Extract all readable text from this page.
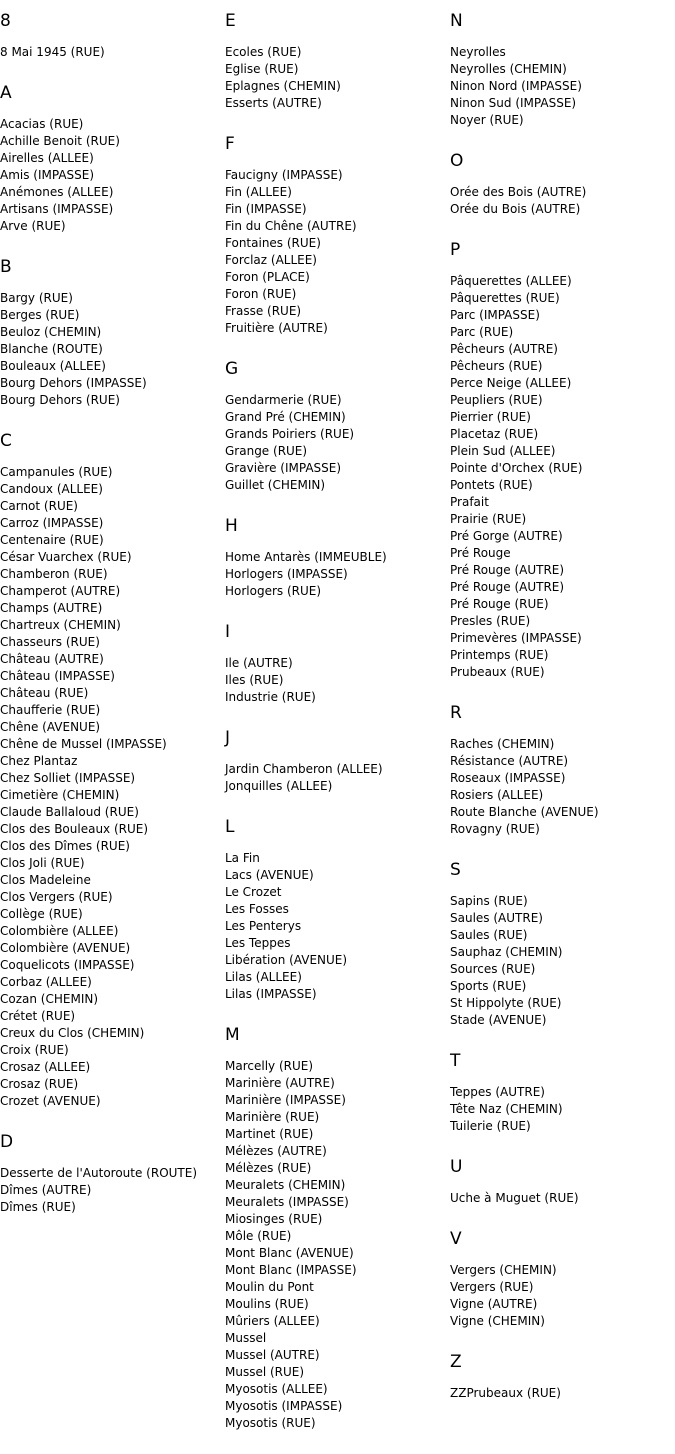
8
8 Mai 1945 (RUE)
A
Acacias (RUE)
Achille Benoit (RUE)
Airelles (ALLEE)
Amis (IMPASSE)
Anémones (ALLEE)
Artisans (IMPASSE)
Arve (RUE)
B
Bargy (RUE)
Berges (RUE)
Beuloz (CHEMIN)
Blanche (ROUTE)
Bouleaux (ALLEE)
Bourg Dehors (IMPASSE)
Bourg Dehors (RUE)
C
Campanules (RUE)
Candoux (ALLEE)
Carnot (RUE)
Carroz (IMPASSE)
Centenaire (RUE)
César Vuarchex (RUE)
Chamberon (RUE)
Champerot (AUTRE)
Champs (AUTRE)
Chartreux (CHEMIN)
Chasseurs (RUE)
Château (AUTRE)
Château (IMPASSE)
Château (RUE)
Chaufferie (RUE)
Chêne (AVENUE)
Chêne de Mussel (IMPASSE)
Chez Plantaz
Chez Solliet (IMPASSE)
Cimetière (CHEMIN)
Claude Ballaloud (RUE)
Clos des Bouleaux (RUE)
Clos des Dîmes (RUE)
Clos Joli (RUE)
Clos Madeleine
Clos Vergers (RUE)
Collège (RUE)
Colombière (ALLEE)
Colombière (AVENUE)
Coquelicots (IMPASSE)
Corbaz (ALLEE)
Cozan (CHEMIN)
Crétet (RUE)
Creux du Clos (CHEMIN)
Croix (RUE)
Crosaz (ALLEE)
Crosaz (RUE)
Crozet (AVENUE)
D
Desserte de l'Autoroute (ROUTE)
Dîmes (AUTRE)
Dîmes (RUE)
E
Ecoles (RUE)
Eglise (RUE)
Eplagnes (CHEMIN)
Esserts (AUTRE)
F
Faucigny (IMPASSE)
Fin (ALLEE)
Fin (IMPASSE)
Fin du Chêne (AUTRE)
Fontaines (RUE)
Forclaz (ALLEE)
Foron (PLACE)
Foron (RUE)
Frasse (RUE)
Fruitière (AUTRE)
G
Gendarmerie (RUE)
Grand Pré (CHEMIN)
Grands Poiriers (RUE)
Grange (RUE)
Gravière (IMPASSE)
Guillet (CHEMIN)
H
Home Antarès (IMMEUBLE)
Horlogers (IMPASSE)
Horlogers (RUE)
I
Ile (AUTRE)
Iles (RUE)
Industrie (RUE)
J
Jardin Chamberon (ALLEE)
Jonquilles (ALLEE)
L
La Fin
Lacs (AVENUE)
Le Crozet
Les Fosses
Les Penterys
Les Teppes
Libération (AVENUE)
Lilas (ALLEE)
Lilas (IMPASSE)
M
Marcelly (RUE)
Marinière (AUTRE)
Marinière (IMPASSE)
Marinière (RUE)
Martinet (RUE)
Mélèzes (AUTRE)
Mélèzes (RUE)
Meuralets (CHEMIN)
Meuralets (IMPASSE)
Miosinges (RUE)
Môle (RUE)
Mont Blanc (AVENUE)
Mont Blanc (IMPASSE)
Moulin du Pont
Moulins (RUE)
Mûriers (ALLEE)
Mussel
Mussel (AUTRE)
Mussel (RUE)
Myosotis (ALLEE)
Myosotis (IMPASSE)
Myosotis (RUE)
N
Neyrolles
Neyrolles (CHEMIN)
Ninon Nord (IMPASSE)
Ninon Sud (IMPASSE)
Noyer (RUE)
O
Orée des Bois (AUTRE)
Orée du Bois (AUTRE)
P
Pâquerettes (ALLEE)
Pâquerettes (RUE)
Parc (IMPASSE)
Parc (RUE)
Pêcheurs (AUTRE)
Pêcheurs (RUE)
Perce Neige (ALLEE)
Peupliers (RUE)
Pierrier (RUE)
Placetaz (RUE)
Plein Sud (ALLEE)
Pointe d'Orchex (RUE)
Pontets (RUE)
Prafait
Prairie (RUE)
Pré Gorge (AUTRE)
Pré Rouge
Pré Rouge (AUTRE)
Pré Rouge (AUTRE)
Pré Rouge (RUE)
Presles (RUE)
Primevères (IMPASSE)
Printemps (RUE)
Prubeaux (RUE)
R
Raches (CHEMIN)
Résistance (AUTRE)
Roseaux (IMPASSE)
Rosiers (ALLEE)
Route Blanche (AVENUE)
Rovagny (RUE)
S
Sapins (RUE)
Saules (AUTRE)
Saules (RUE)
Sauphaz (CHEMIN)
Sources (RUE)
Sports (RUE)
St Hippolyte (RUE)
Stade (AVENUE)
T
Teppes (AUTRE)
Tête Naz (CHEMIN)
Tuilerie (RUE)
U
Uche à Muguet (RUE)
V
Vergers (CHEMIN)
Vergers (RUE)
Vigne (AUTRE)
Vigne (CHEMIN)
Z
ZZPrubeaux (RUE)
